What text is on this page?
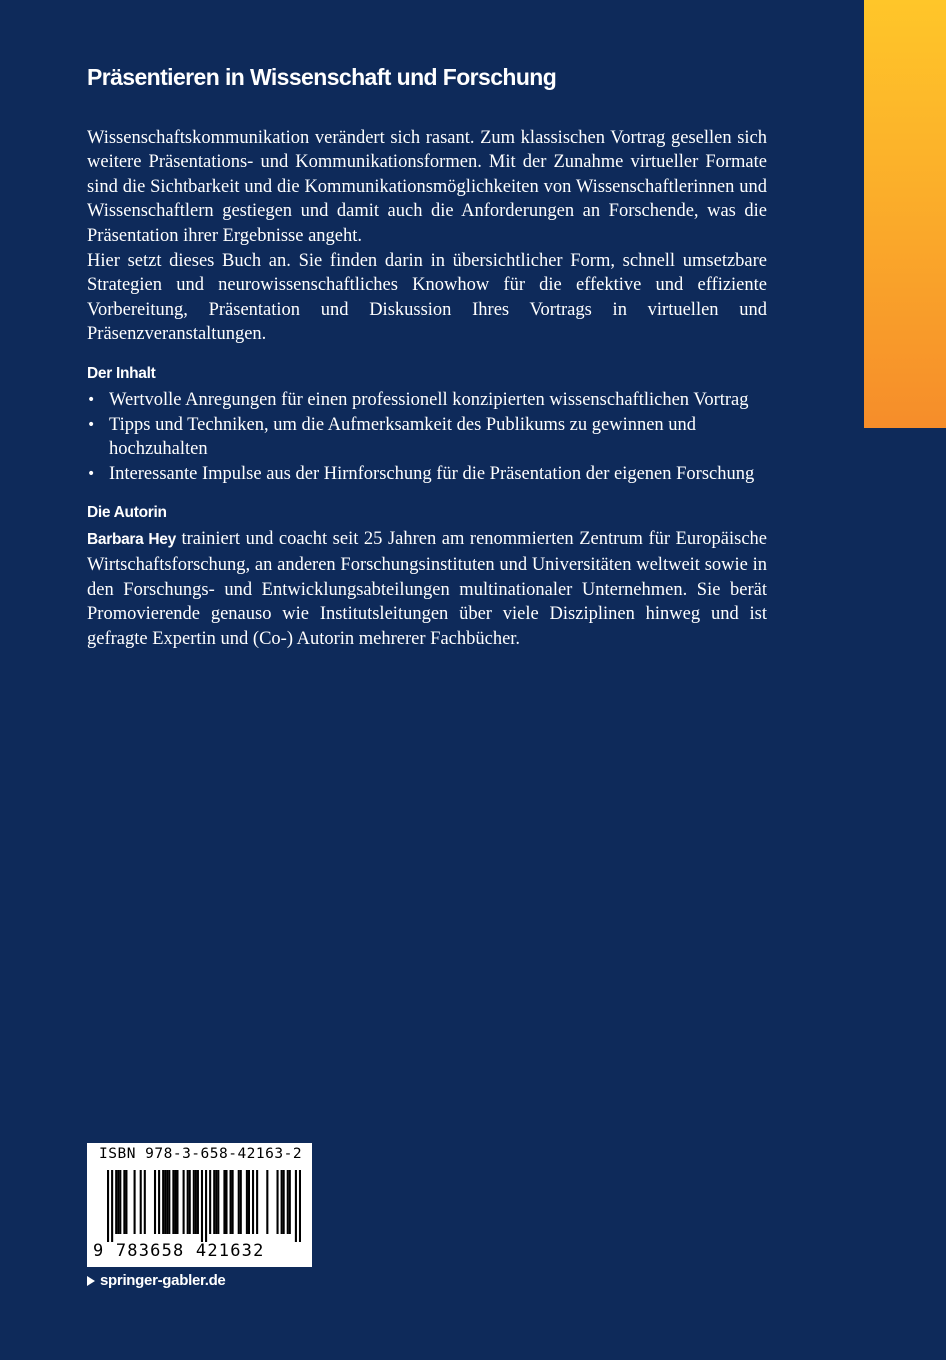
Präsentieren in Wissenschaft und Forschung

Wissenschaftskommunikation verändert sich rasant. Zum klassischen Vortrag gesellen sich weitere Präsentations- und Kommunikationsformen. Mit der Zunahme virtueller Formate sind die Sichtbarkeit und die Kommunikationsmöglichkeiten von Wissenschaftlerinnen und Wissenschaftlern gestiegen und damit auch die Anforderungen an Forschende, was die Präsentation ihrer Ergebnisse angeht.

Hier setzt dieses Buch an. Sie finden darin in übersichtlicher Form, schnell umsetzbare Strategien und neurowissenschaftliches Knowhow für die effektive und effiziente Vorbereitung, Präsentation und Diskussion Ihres Vortrags in virtuellen und Präsenzveranstaltungen.

Der Inhalt
• Wertvolle Anregungen für einen professionell konzipierten wissenschaftlichen Vortrag
• Tipps und Techniken, um die Aufmerksamkeit des Publikums zu gewinnen und hochzuhalten
• Interessante Impulse aus der Hirnforschung für die Präsentation der eigenen Forschung
Die Autorin

Barbara Hey trainiert und coacht seit 25 Jahren am renommierten Zentrum für Europäische Wirtschaftsforschung, an anderen Forschungsinstituten und Universitäten weltweit sowie in den Forschungs- und Entwicklungsabteilungen multinationaler Unternehmen. Sie berät Promovierende genauso wie Institutsleitungen über viele Disziplinen hinweg und ist gefragte Expertin und (Co-) Autorin mehrerer Fachbücher.

ISBN 978-3-658-42163-2
9 783658 421632
springer-gabler.de
